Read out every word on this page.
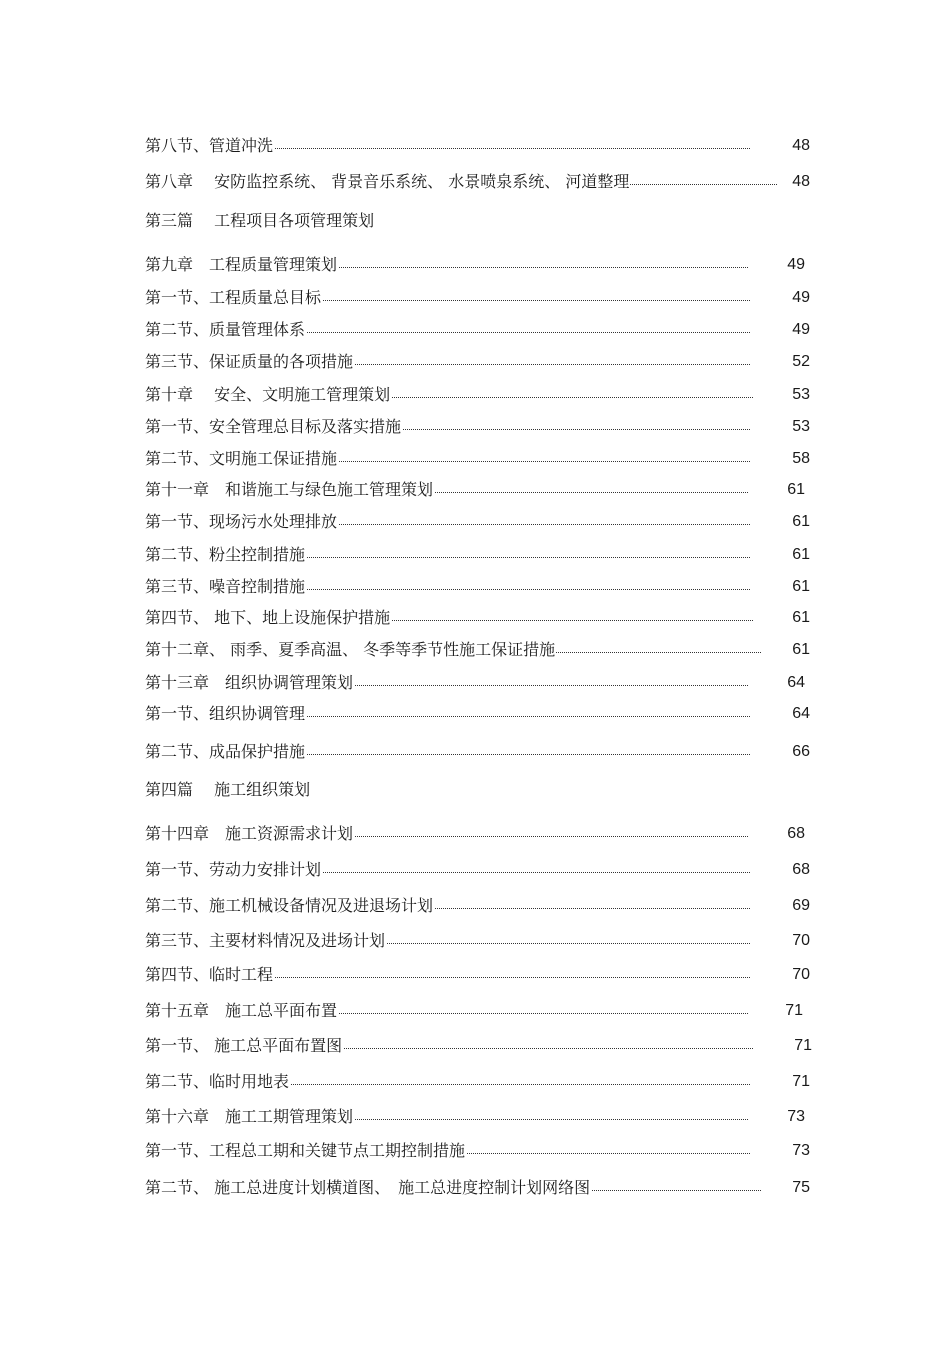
第八节、管道冲洗	48
第八章　 安防监控系统、 背景音乐系统、 水景喷泉系统、 河道整理	48
第三篇　 工程项目各项管理策划
第九章　工程质量管理策划	49
第一节、工程质量总目标	49
第二节、质量管理体系	49
第三节、保证质量的各项措施	52
第十章　 安全、文明施工管理策划	53
第一节、安全管理总目标及落实措施	53
第二节、文明施工保证措施	58
第十一章　和谐施工与绿色施工管理策划	61
第一节、现场污水处理排放	61
第二节、粉尘控制措施	61
第三节、噪音控制措施	61
第四节、 地下、地上设施保护措施	61
第十二章、 雨季、夏季高温、 冬季等季节性施工保证措施	61
第十三章　组织协调管理策划	64
第一节、组织协调管理	64
第二节、成品保护措施	66
第四篇　 施工组织策划
第十四章　施工资源需求计划	68
第一节、劳动力安排计划	68
第二节、施工机械设备情况及进退场计划	69
第三节、主要材料情况及进场计划	70
第四节、临时工程	70
第十五章　施工总平面布置	71
第一节、 施工总平面布置图	71
第二节、临时用地表	71
第十六章　施工工期管理策划	73
第一节、工程总工期和关键节点工期控制措施	73
第二节、 施工总进度计划横道图、　施工总进度控制计划网络图	75
